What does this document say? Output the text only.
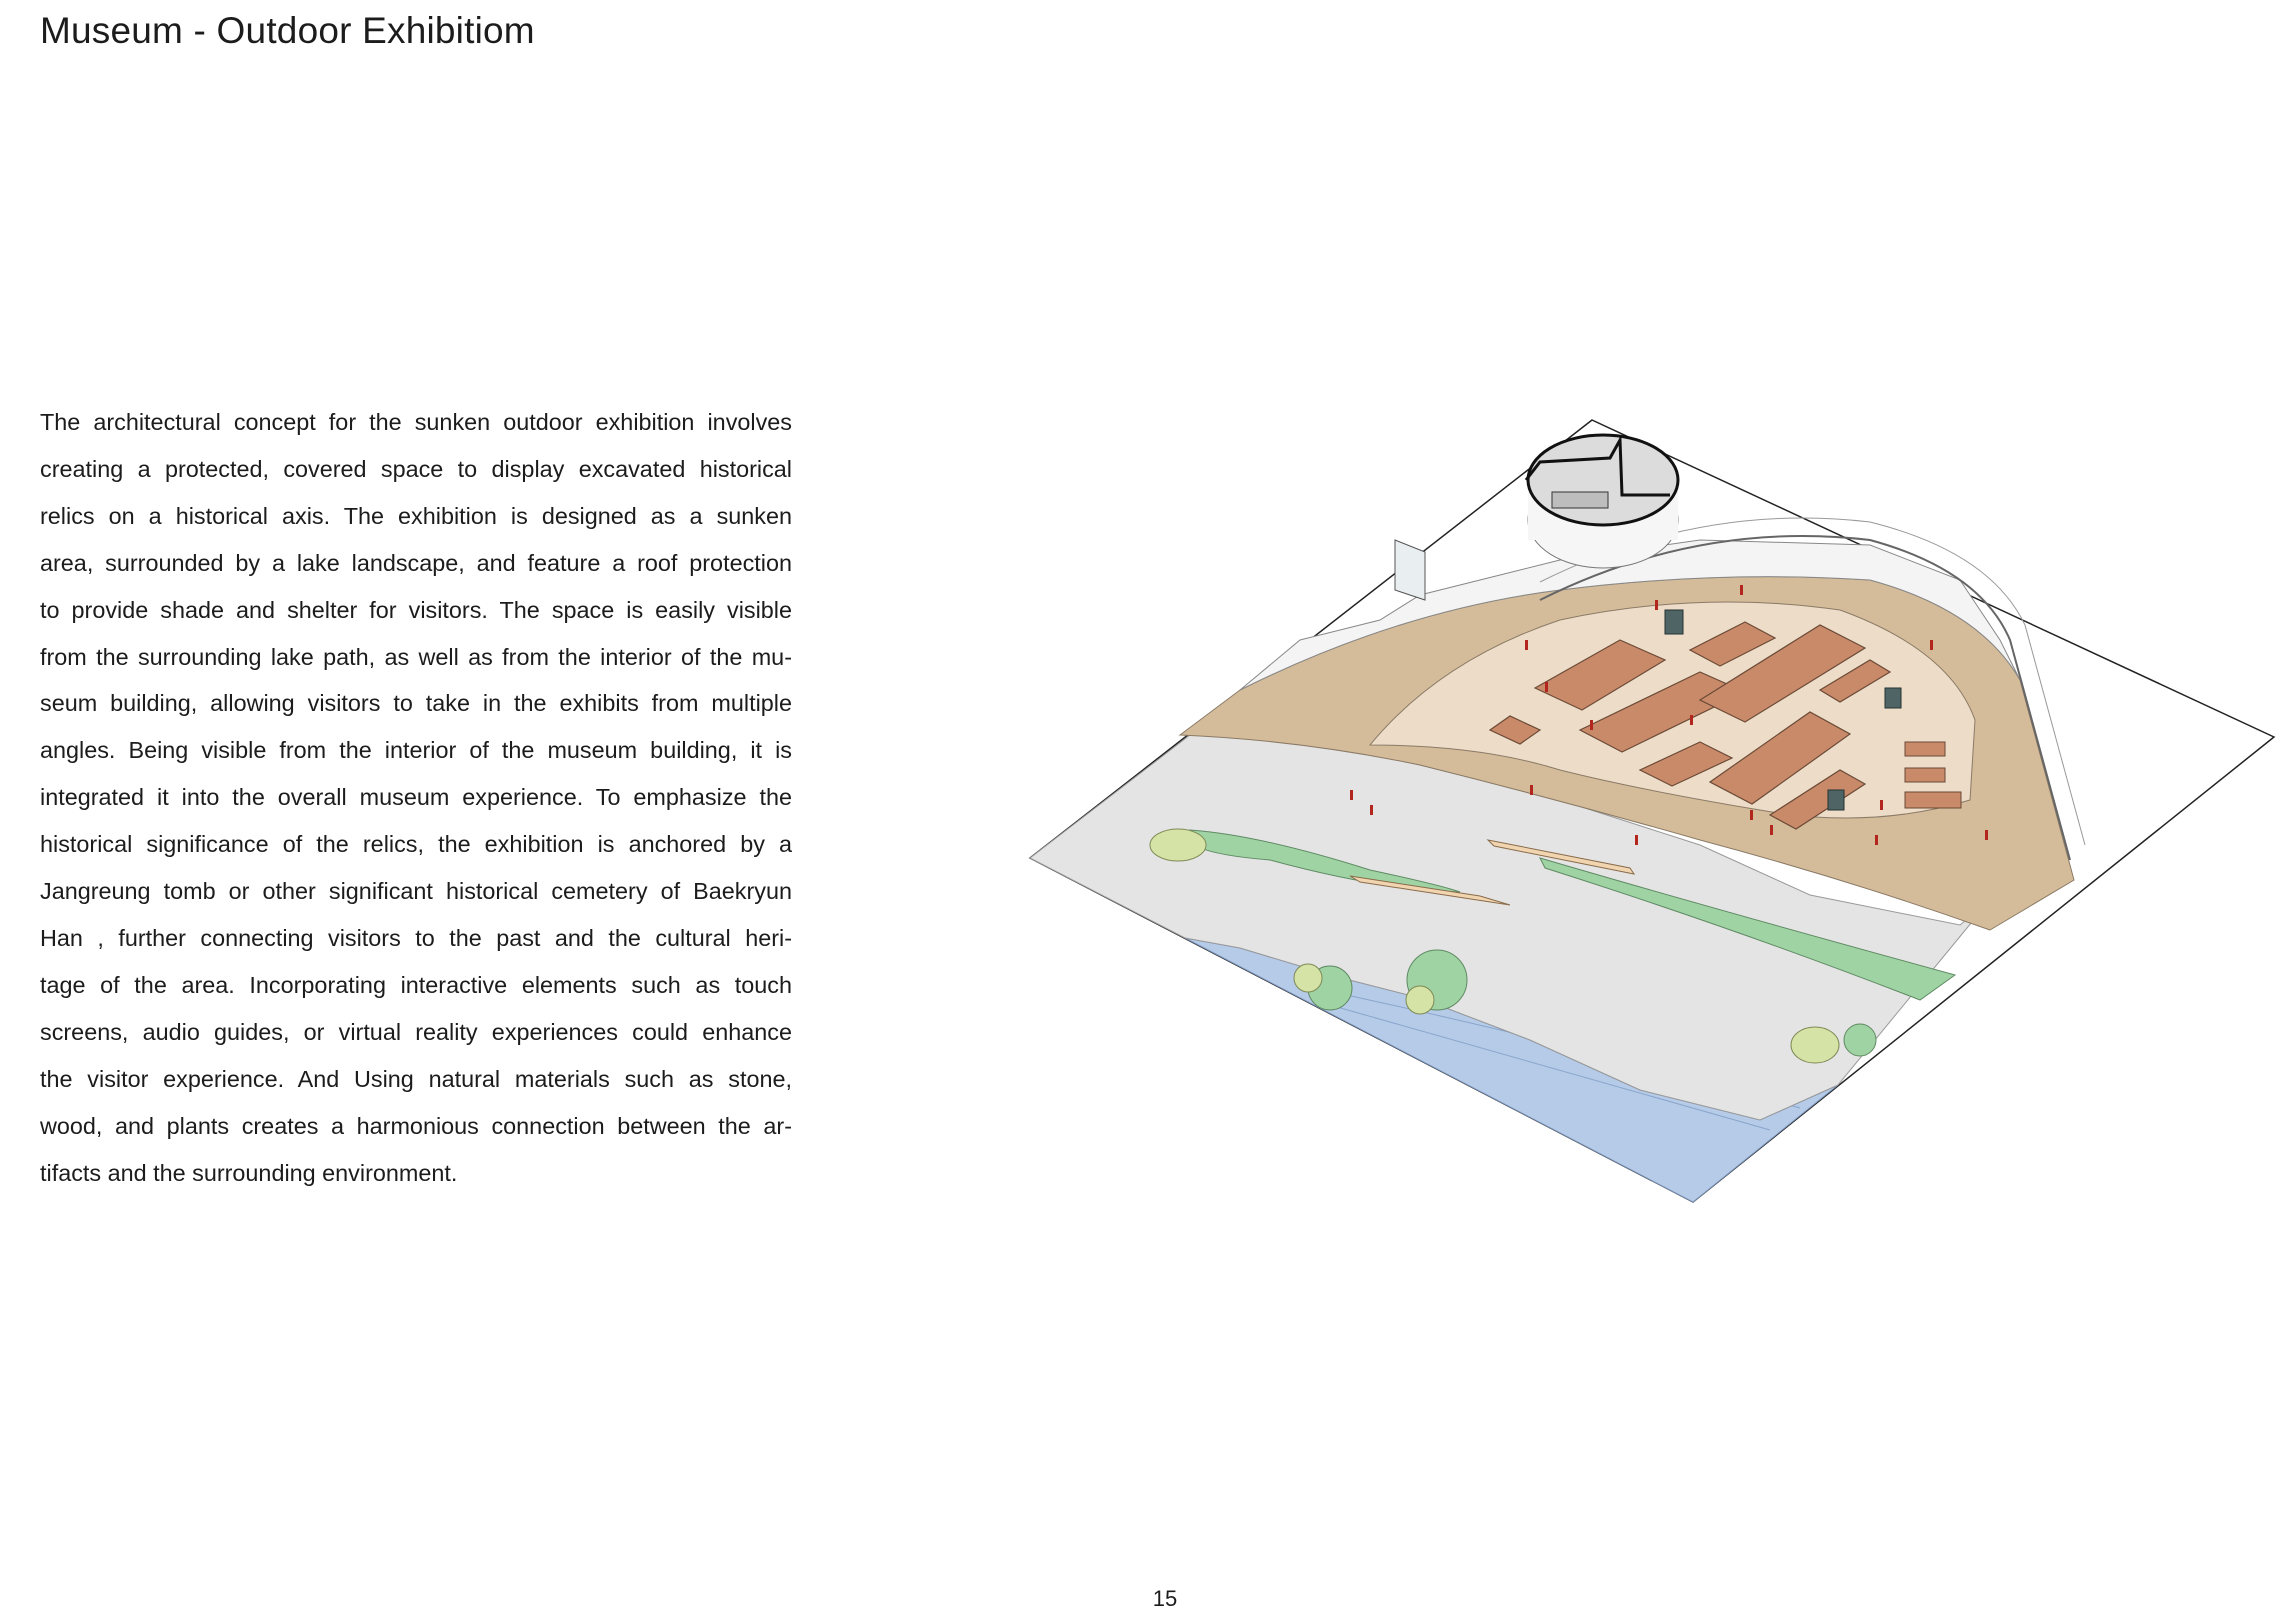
Museum - Outdoor Exhibitiom
The architectural concept for the sunken outdoor exhibition involves
creating a protected, covered space to display excavated historical
relics on a historical axis. The exhibition is designed as a sunken
area, surrounded by a lake landscape, and feature a roof protection
to provide shade and shelter for visitors. The space is easily visible
from the surrounding lake path, as well as from the interior of the mu-
seum building, allowing visitors to take in the exhibits from multiple
angles. Being visible from the interior of the museum building, it is
integrated it into the overall museum experience. To emphasize the
historical significance of the relics, the exhibition is anchored by a
Jangreung tomb or other significant historical cemetery of Baekryun
Han , further connecting visitors to the past and the cultural heri-
tage of the area. Incorporating interactive elements such as touch
screens, audio guides, or virtual reality experiences could enhance
the visitor experience. And Using natural materials such as stone,
wood, and plants creates a harmonious connection between the ar-
tifacts and the surrounding environment.
15
